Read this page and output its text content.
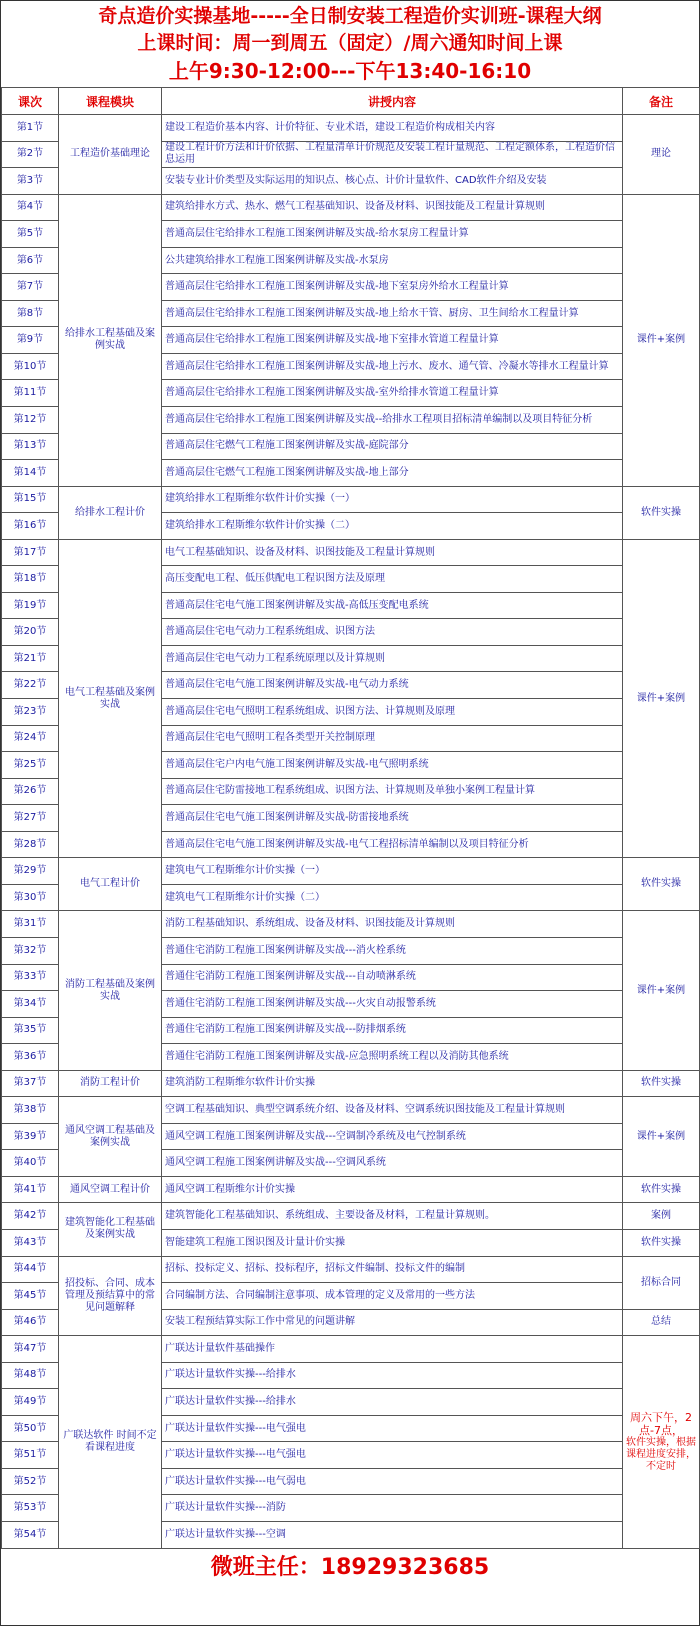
奇点造价实操基地-----全日制安装工程造价实训班-课程大纲
上课时间：周一到周五（固定）/周六通知时间上课
上午9:30-12:00---下午13:40-16:10
课次	课程模块	讲授内容	备注
第1节	工程造价基础理论	建设工程造价基本内容、计价特征、专业术语，建设工程造价构成相关内容	理论

第2节		建设工程计价方法和计价依据、工程量清单计价规范及安装工程计量规范、工程定额体系，工程造价信息运用	
第3节		安装专业计价类型及实际运用的知识点、核心点、计价计量软件、CAD软件介绍及安装	
第4节	给排水工程基础及案例实战	建筑给排水方式、热水、燃气工程基础知识、设备及材料、识图技能及工程量计算规则	课件+案例

第5节		普通高层住宅给排水工程施工图案例讲解及实战-给水泵房工程量计算	
第6节		公共建筑给排水工程施工图案例讲解及实战-水泵房	
第7节		普通高层住宅给排水工程施工图案例讲解及实战-地下室泵房外给水工程量计算	
第8节		普通高层住宅给排水工程施工图案例讲解及实战-地上给水干管、厨房、卫生间给水工程量计算	
第9节		普通高层住宅给排水工程施工图案例讲解及实战-地下室排水管道工程量计算	
第10节		普通高层住宅给排水工程施工图案例讲解及实战-地上污水、废水、通气管、冷凝水等排水工程量计算	
第11节		普通高层住宅给排水工程施工图案例讲解及实战-室外给排水管道工程量计算	
第12节		普通高层住宅给排水工程施工图案例讲解及实战--给排水工程项目招标清单编制以及项目特征分析	
第13节		普通高层住宅燃气工程施工图案例讲解及实战-庭院部分	
第14节		普通高层住宅燃气工程施工图案例讲解及实战-地上部分	
第15节	给排水工程计价	建筑给排水工程斯维尔软件计价实操（一）	软件实操

第16节		建筑给排水工程斯维尔软件计价实操（二）	
第17节	电气工程基础及案例实战	电气工程基础知识、设备及材料、识图技能及工程量计算规则	课件+案例

第18节		高压变配电工程、低压供配电工程识图方法及原理	
第19节		普通高层住宅电气施工图案例讲解及实战-高低压变配电系统	
第20节		普通高层住宅电气动力工程系统组成、识图方法	
第21节		普通高层住宅电气动力工程系统原理以及计算规则	
第22节		普通高层住宅电气施工图案例讲解及实战-电气动力系统	
第23节		普通高层住宅电气照明工程系统组成、识图方法、计算规则及原理	
第24节		普通高层住宅电气照明工程各类型开关控制原理	
第25节		普通高层住宅户内电气施工图案例讲解及实战-电气照明系统	
第26节		普通高层住宅防雷接地工程系统组成、识图方法、计算规则及单独小案例工程量计算	
第27节		普通高层住宅电气施工图案例讲解及实战-防雷接地系统	
第28节		普通高层住宅电气施工图案例讲解及实战-电气工程招标清单编制以及项目特征分析	
第29节	电气工程计价	建筑电气工程斯维尔计价实操（一）	软件实操

第30节		建筑电气工程斯维尔计价实操（二）	
第31节	消防工程基础及案例实战	消防工程基础知识、系统组成、设备及材料、识图技能及计算规则	课件+案例

第32节		普通住宅消防工程施工图案例讲解及实战---消火栓系统	
第33节		普通住宅消防工程施工图案例讲解及实战---自动喷淋系统	
第34节		普通住宅消防工程施工图案例讲解及实战---火灾自动报警系统	
第35节		普通住宅消防工程施工图案例讲解及实战---防排烟系统	
第36节		普通住宅消防工程施工图案例讲解及实战-应急照明系统工程以及消防其他系统	
第37节	消防工程计价	建筑消防工程斯维尔软件计价实操	软件实操

第38节	通风空调工程基础及案例实战	空调工程基础知识、典型空调系统介绍、设备及材料、空调系统识图技能及工程量计算规则	课件+案例

第39节		通风空调工程施工图案例讲解及实战---空调制冷系统及电气控制系统	
第40节		通风空调工程施工图案例讲解及实战---空调风系统	
第41节	通风空调工程计价	通风空调工程斯维尔计价实操	软件实操

第42节	建筑智能化工程基础及案例实战	建筑智能化工程基础知识、系统组成、主要设备及材料，工程量计算规则。	案例

第43节		智能建筑工程施工图识图及计量计价实操	软件实操

第44节	招投标、合同、成本管理及预结算中的常见问题解释	招标、投标定义、招标、投标程序，招标文件编制、投标文件的编制	招标合同

第45节		合同编制方法、合同编制注意事项、成本管理的定义及常用的一些方法	
第46节		安装工程预结算实际工作中常见的问题讲解	总结

第47节	广联达软件 时间不定看课程进度	广联达计量软件基础操作	周六下午，2点-7点，
软件实操，根据课程进度安排，不定时

第48节		广联达计量软件实操---给排水	
第49节		广联达计量软件实操---给排水	
第50节		广联达计量软件实操---电气强电	
第51节		广联达计量软件实操---电气强电	
第52节		广联达计量软件实操---电气弱电	
第53节		广联达计量软件实操---消防	
第54节		广联达计量软件实操---空调	
微班主任：18929323685
